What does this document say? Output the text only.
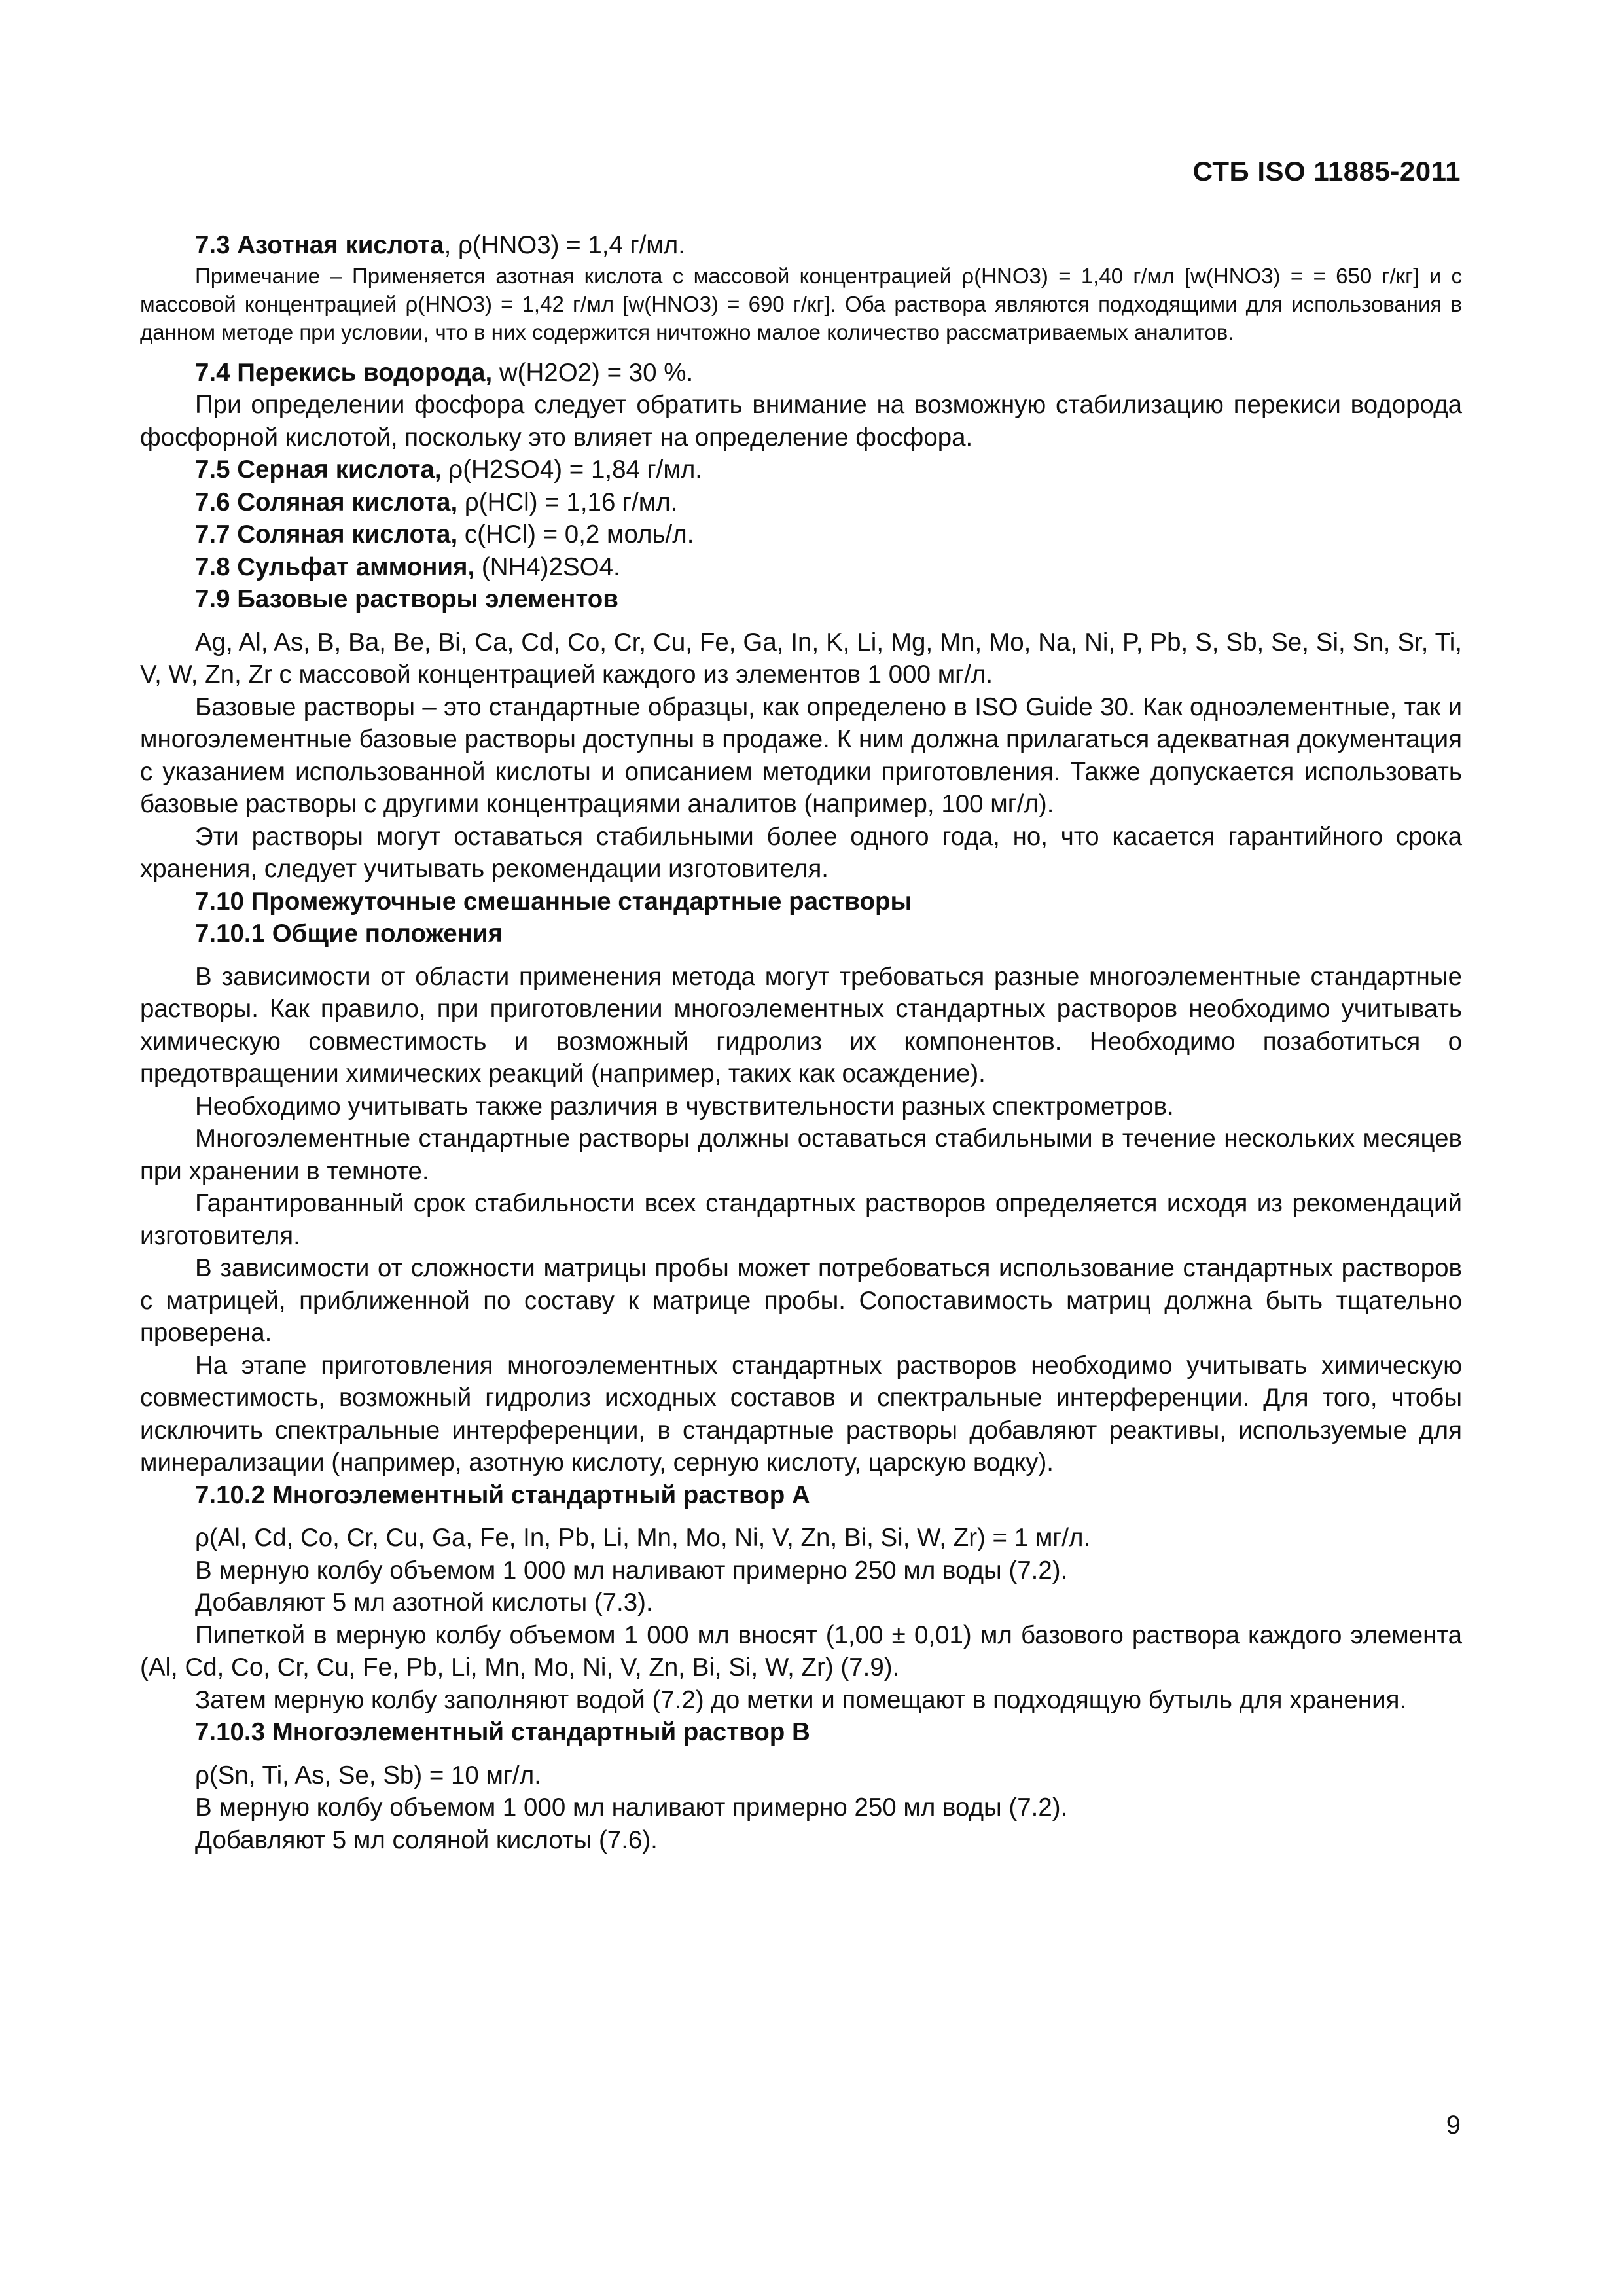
СТБ ISO 11885-2011

7.3 Азотная кислота, ρ(HNO3) = 1,4 г/мл.

Примечание – Применяется азотная кислота с массовой концентрацией ρ(HNO3) = 1,40 г/мл [w(HNO3) = = 650 г/кг] и с массовой концентрацией ρ(HNO3) = 1,42 г/мл [w(HNO3) = 690 г/кг]. Оба раствора являются подходящими для использования в данном методе при условии, что в них содержится ничтожно малое количество рассматриваемых аналитов.

7.4 Перекись водорода, w(H2O2) = 30 %.

При определении фосфора следует обратить внимание на возможную стабилизацию перекиси водорода фосфорной кислотой, поскольку это влияет на определение фосфора.

7.5 Серная кислота, ρ(H2SO4) = 1,84 г/мл.

7.6 Соляная кислота, ρ(HCl) = 1,16 г/мл.

7.7 Соляная кислота, c(HCl) = 0,2 моль/л.

7.8 Сульфат аммония, (NH4)2SO4.

7.9 Базовые растворы элементов

Ag, Al, As, B, Ba, Be, Bi, Ca, Cd, Co, Cr, Cu, Fe, Ga, In, K, Li, Mg, Mn, Mo, Na, Ni, P, Pb, S, Sb, Se, Si, Sn, Sr, Ti, V, W, Zn, Zr с массовой концентрацией каждого из элементов 1 000 мг/л.

Базовые растворы – это стандартные образцы, как определено в ISO Guide 30. Как одноэлементные, так и многоэлементные базовые растворы доступны в продаже. К ним должна прилагаться адекватная документация с указанием использованной кислоты и описанием методики приготовления. Также допускается использовать базовые растворы с другими концентрациями аналитов (например, 100 мг/л).

Эти растворы могут оставаться стабильными более одного года, но, что касается гарантийного срока хранения, следует учитывать рекомендации изготовителя.

7.10 Промежуточные смешанные стандартные растворы

7.10.1 Общие положения

В зависимости от области применения метода могут требоваться разные многоэлементные стандартные растворы. Как правило, при приготовлении многоэлементных стандартных растворов необходимо учитывать химическую совместимость и возможный гидролиз их компонентов. Необходимо позаботиться о предотвращении химических реакций (например, таких как осаждение).

Необходимо учитывать также различия в чувствительности разных спектрометров.

Многоэлементные стандартные растворы должны оставаться стабильными в течение нескольких месяцев при хранении в темноте.

Гарантированный срок стабильности всех стандартных растворов определяется исходя из рекомендаций изготовителя.

В зависимости от сложности матрицы пробы может потребоваться использование стандартных растворов с матрицей, приближенной по составу к матрице пробы. Сопоставимость матриц должна быть тщательно проверена.

На этапе приготовления многоэлементных стандартных растворов необходимо учитывать химическую совместимость, возможный гидролиз исходных составов и спектральные интерференции. Для того, чтобы исключить спектральные интерференции, в стандартные растворы добавляют реактивы, используемые для минерализации (например, азотную кислоту, серную кислоту, царскую водку).

7.10.2 Многоэлементный стандартный раствор А

ρ(Al, Cd, Co, Cr, Cu, Ga, Fe, In, Pb, Li, Mn, Mo, Ni, V, Zn, Bi, Si, W, Zr) = 1 мг/л.

В мерную колбу объемом 1 000 мл наливают примерно 250 мл воды (7.2).

Добавляют 5 мл азотной кислоты (7.3).

Пипеткой в мерную колбу объемом 1 000 мл вносят (1,00 ± 0,01) мл базового раствора каждого элемента (Al, Cd, Co, Cr, Cu, Fe, Pb, Li, Mn, Mo, Ni, V, Zn, Bi, Si, W, Zr) (7.9).

Затем мерную колбу заполняют водой (7.2) до метки и помещают в подходящую бутыль для хранения.

7.10.3 Многоэлементный стандартный раствор В

ρ(Sn, Ti, As, Se, Sb) = 10 мг/л.

В мерную колбу объемом 1 000 мл наливают примерно 250 мл воды (7.2).

Добавляют 5 мл соляной кислоты (7.6).

9
